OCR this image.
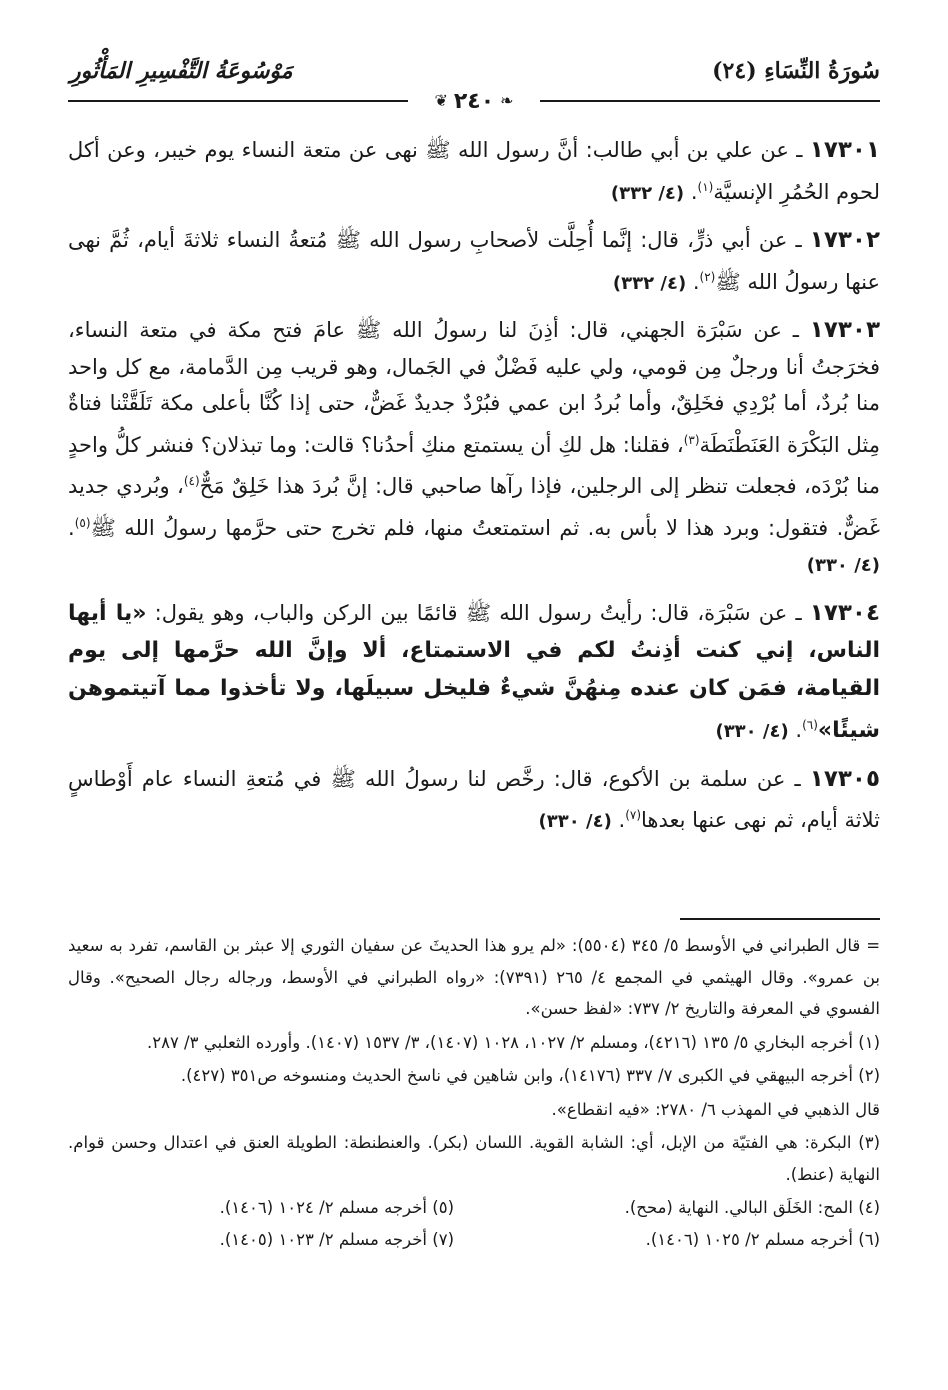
سُورَةُ النِّسَاءِ (٢٤)
مَوْسُوعَةُ التَّفْسِيرِ المَأْثُورِ
❦ ٢٤٠ ❧

١٧٣٠١ ـ عن علي بن أبي طالب: أنَّ رسول الله ﷺ نهى عن متعة النساء يوم خيبر، وعن أكل لحوم الحُمُرِ الإنسيَّة$^{(١)}$. (٤/ ٣٣٢)

١٧٣٠٢ ـ عن أبي ذرٍّ، قال: إنَّما أُحِلَّت لأصحابِ رسول الله ﷺ مُتعةُ النساء ثلاثةَ أيام، ثُمَّ نهى عنها رسولُ الله ﷺ$^{(٢)}$. (٤/ ٣٣٢)

١٧٣٠٣ ـ عن سَبْرَة الجهني، قال: أذِنَ لنا رسولُ الله ﷺ عامَ فتح مكة في متعة النساء، فخرَجتُ أنا ورجلٌ مِن قومي، ولي عليه فَضْلٌ في الجَمال، وهو قريب مِن الدَّمامة، مع كل واحد منا بُردٌ، أما بُرْدِي فخَلِقٌ، وأما بُردُ ابن عمي فبُرْدٌ جديدٌ غَضٌّ، حتى إذا كُنَّا بأعلى مكة تَلَقَّتْنا فتاةٌ مِثل البَكْرَة العَنَطْنَطَة$^{(٣)}$، فقلنا: هل لكِ أن يستمتع منكِ أحدُنا؟ قالت: وما تبذلان؟ فنشر كلُّ واحدٍ منا بُرْدَه، فجعلت تنظر إلى الرجلين، فإذا رآها صاحبي قال: إنَّ بُردَ هذا خَلِقٌ مَحٌّ$^{(٤)}$، وبُردي جديد غَضٌّ. فتقول: وبرد هذا لا بأس به. ثم استمتعتُ منها، فلم تخرج حتى حرَّمها رسولُ الله ﷺ$^{(٥)}$. (٤/ ٣٣٠)

١٧٣٠٤ ـ عن سَبْرَة، قال: رأيتُ رسول الله ﷺ قائمًا بين الركن والباب، وهو يقول: «يا أيها الناس، إني كنت أذِنتُ لكم في الاستمتاع، ألا وإنَّ الله حرَّمها إلى يوم القيامة، فمَن كان عنده مِنهُنَّ شيءٌ فليخل سبيلَها، ولا تأخذوا مما آتيتموهن شيئًا»$^{(٦)}$. (٤/ ٣٣٠)

١٧٣٠٥ ـ عن سلمة بن الأكوع، قال: رخَّص لنا رسولُ الله ﷺ في مُتعةِ النساء عام أَوْطاسٍ ثلاثة أيام، ثم نهى عنها بعدها$^{(٧)}$. (٤/ ٣٣٠)

= قال الطبراني في الأوسط ٥/ ٣٤٥ (٥٥٠٤): «لم يرو هذا الحديثَ عن سفيان الثوري إلا عبثر بن القاسم، تفرد به سعيد بن عمرو». وقال الهيثمي في المجمع ٤/ ٢٦٥ (٧٣٩١): «رواه الطبراني في الأوسط، ورجاله رجال الصحيح». وقال الفسوي في المعرفة والتاريخ ٢/ ٧٣٧: «لفظ حسن».

(١) أخرجه البخاري ٥/ ١٣٥ (٤٢١٦)، ومسلم ٢/ ١٠٢٧، ١٠٢٨ (١٤٠٧)، ٣/ ١٥٣٧ (١٤٠٧). وأورده الثعلبي ٣/ ٢٨٧.

(٢) أخرجه البيهقي في الكبرى ٧/ ٣٣٧ (١٤١٧٦)، وابن شاهين في ناسخ الحديث ومنسوخه ص٣٥١ (٤٢٧).

قال الذهبي في المهذب ٦/ ٢٧٨٠: «فيه انقطاع».

(٣) البكرة: هي الفتيّة من الإبل، أي: الشابة القوية. اللسان (بكر). والعنطنطة: الطويلة العنق في اعتدال وحسن قوام. النهاية (عنط).

(٤) المح: الخَلَق البالي. النهاية (محح).
(٥) أخرجه مسلم ٢/ ١٠٢٤ (١٤٠٦).
(٦) أخرجه مسلم ٢/ ١٠٢٥ (١٤٠٦).
(٧) أخرجه مسلم ٢/ ١٠٢٣ (١٤٠٥).
